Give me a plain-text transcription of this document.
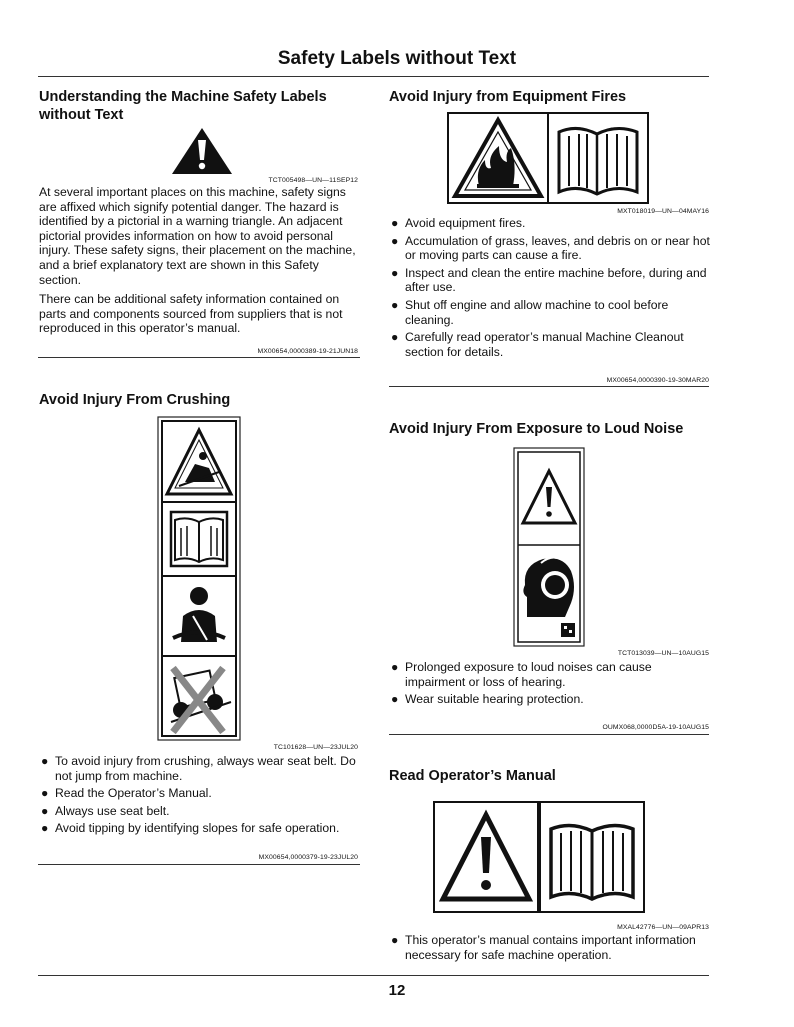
Safety Labels without Text
Understanding the Machine Safety Labels without Text
TCT005498—UN—11SEP12
At several important places on this machine, safety signs are affixed which signify potential danger. The hazard is identified by a pictorial in a warning triangle. An adjacent pictorial provides information on how to avoid personal injury. These safety signs, their placement on the machine, and a brief explanatory text are shown in this Safety section.
There can be additional safety information contained on parts and components sourced from suppliers that is not reproduced in this operator’s manual.
MX00654,0000389-19-21JUN18
Avoid Injury From Crushing
TC101628—UN—23JUL20
● To avoid injury from crushing, always wear seat belt. Do not jump from machine.
● Read the Operator’s Manual.
● Always use seat belt.
● Avoid tipping by identifying slopes for safe operation.
MX00654,0000379-19-23JUL20
Avoid Injury from Equipment Fires
MXT018019—UN—04MAY16
● Avoid equipment fires.
● Accumulation of grass, leaves, and debris on or near hot or moving parts can cause a fire.
● Inspect and clean the entire machine before, during and after use.
● Shut off engine and allow machine to cool before cleaning.
● Carefully read operator’s manual Machine Cleanout section for details.
MX00654,0000390-19-30MAR20
Avoid Injury From Exposure to Loud Noise
TCT013039—UN—10AUG15
● Prolonged exposure to loud noises can cause impairment or loss of hearing.
● Wear suitable hearing protection.
OUMX068,0000D5A-19-10AUG15
Read Operator’s Manual
MXAL42776—UN—09APR13
● This operator’s manual contains important information necessary for safe machine operation.
12
